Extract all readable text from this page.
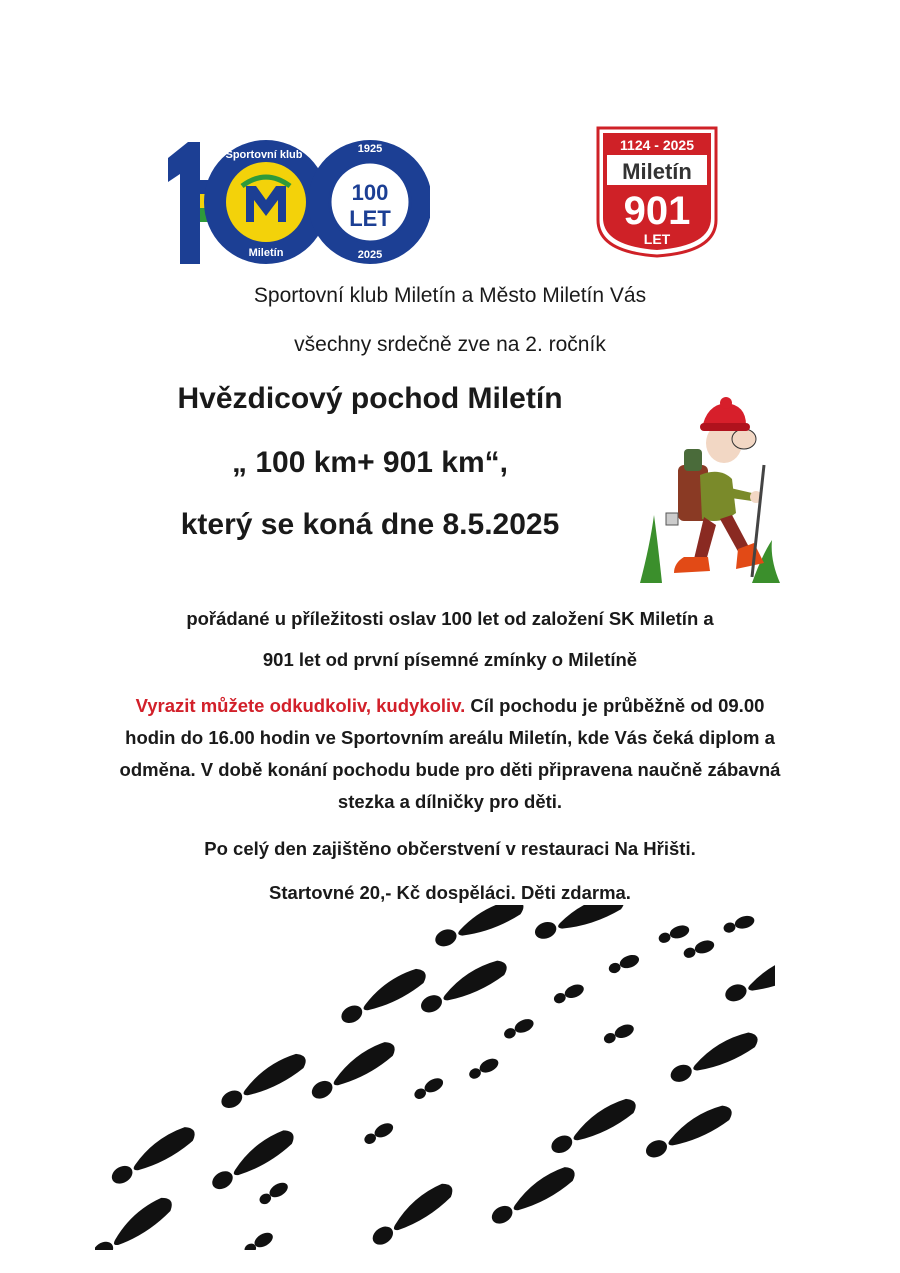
Sportovní klub
Miletín
1925
2025
100
LET
1124 - 2025
Miletín
901
LET
Sportovní klub Miletín a Město Miletín Vás
všechny srdečně zve na 2. ročník
Hvězdicový pochod Miletín
„ 100 km+ 901 km“,
který se koná dne 8.5.2025
pořádané u příležitosti oslav 100 let od založení SK Miletín a
901 let od první písemné zmínky o Miletíně
Vyrazit můžete odkudkoliv, kudykoliv. Cíl pochodu je průběžně od 09.00 hodin do 16.00 hodin ve Sportovním areálu Miletín, kde Vás čeká diplom a odměna. V době konání pochodu bude pro děti připravena naučně zábavná stezka a dílničky pro děti.
Po celý den zajištěno občerstvení v restauraci Na Hřišti.
Startovné 20,- Kč dospěláci. Děti zdarma.
